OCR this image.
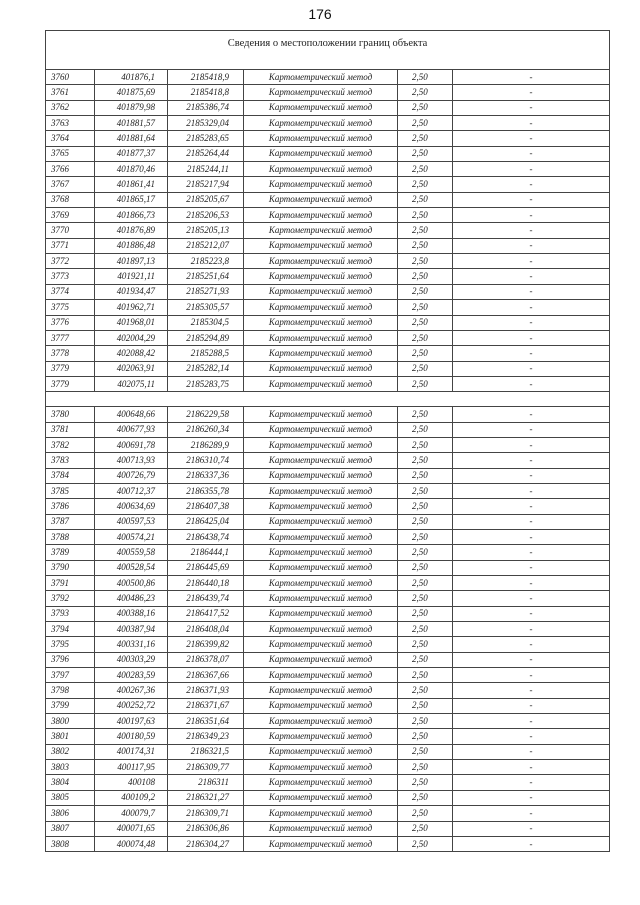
176
Сведения о местоположении границ объекта					
3760	401876,1	2185418,9	Картометрический метод	2,50	-
3761	401875,69	2185418,8	Картометрический метод	2,50	-
3762	401879,98	2185386,74	Картометрический метод	2,50	-
3763	401881,57	2185329,04	Картометрический метод	2,50	-
3764	401881,64	2185283,65	Картометрический метод	2,50	-
3765	401877,37	2185264,44	Картометрический метод	2,50	-
3766	401870,46	2185244,11	Картометрический метод	2,50	-
3767	401861,41	2185217,94	Картометрический метод	2,50	-
3768	401865,17	2185205,67	Картометрический метод	2,50	-
3769	401866,73	2185206,53	Картометрический метод	2,50	-
3770	401876,89	2185205,13	Картометрический метод	2,50	-
3771	401886,48	2185212,07	Картометрический метод	2,50	-
3772	401897,13	2185223,8	Картометрический метод	2,50	-
3773	401921,11	2185251,64	Картометрический метод	2,50	-
3774	401934,47	2185271,93	Картометрический метод	2,50	-
3775	401962,71	2185305,57	Картометрический метод	2,50	-
3776	401968,01	2185304,5	Картометрический метод	2,50	-
3777	402004,29	2185294,89	Картометрический метод	2,50	-
3778	402088,42	2185288,5	Картометрический метод	2,50	-
3779	402063,91	2185282,14	Картометрический метод	2,50	-
3779	402075,11	2185283,75	Картометрический метод	2,50	-

3780	400648,66	2186229,58	Картометрический метод	2,50	-
3781	400677,93	2186260,34	Картометрический метод	2,50	-
3782	400691,78	2186289,9	Картометрический метод	2,50	-
3783	400713,93	2186310,74	Картометрический метод	2,50	-
3784	400726,79	2186337,36	Картометрический метод	2,50	-
3785	400712,37	2186355,78	Картометрический метод	2,50	-
3786	400634,69	2186407,38	Картометрический метод	2,50	-
3787	400597,53	2186425,04	Картометрический метод	2,50	-
3788	400574,21	2186438,74	Картометрический метод	2,50	-
3789	400559,58	2186444,1	Картометрический метод	2,50	-
3790	400528,54	2186445,69	Картометрический метод	2,50	-
3791	400500,86	2186440,18	Картометрический метод	2,50	-
3792	400486,23	2186439,74	Картометрический метод	2,50	-
3793	400388,16	2186417,52	Картометрический метод	2,50	-
3794	400387,94	2186408,04	Картометрический метод	2,50	-
3795	400331,16	2186399,82	Картометрический метод	2,50	-
3796	400303,29	2186378,07	Картометрический метод	2,50	-
3797	400283,59	2186367,66	Картометрический метод	2,50	-
3798	400267,36	2186371,93	Картометрический метод	2,50	-
3799	400252,72	2186371,67	Картометрический метод	2,50	-
3800	400197,63	2186351,64	Картометрический метод	2,50	-
3801	400180,59	2186349,23	Картометрический метод	2,50	-
3802	400174,31	2186321,5	Картометрический метод	2,50	-
3803	400117,95	2186309,77	Картометрический метод	2,50	-
3804	400108	2186311	Картометрический метод	2,50	-
3805	400109,2	2186321,27	Картометрический метод	2,50	-
3806	400079,7	2186309,71	Картометрический метод	2,50	-
3807	400071,65	2186306,86	Картометрический метод	2,50	-
3808	400074,48	2186304,27	Картометрический метод	2,50	-
